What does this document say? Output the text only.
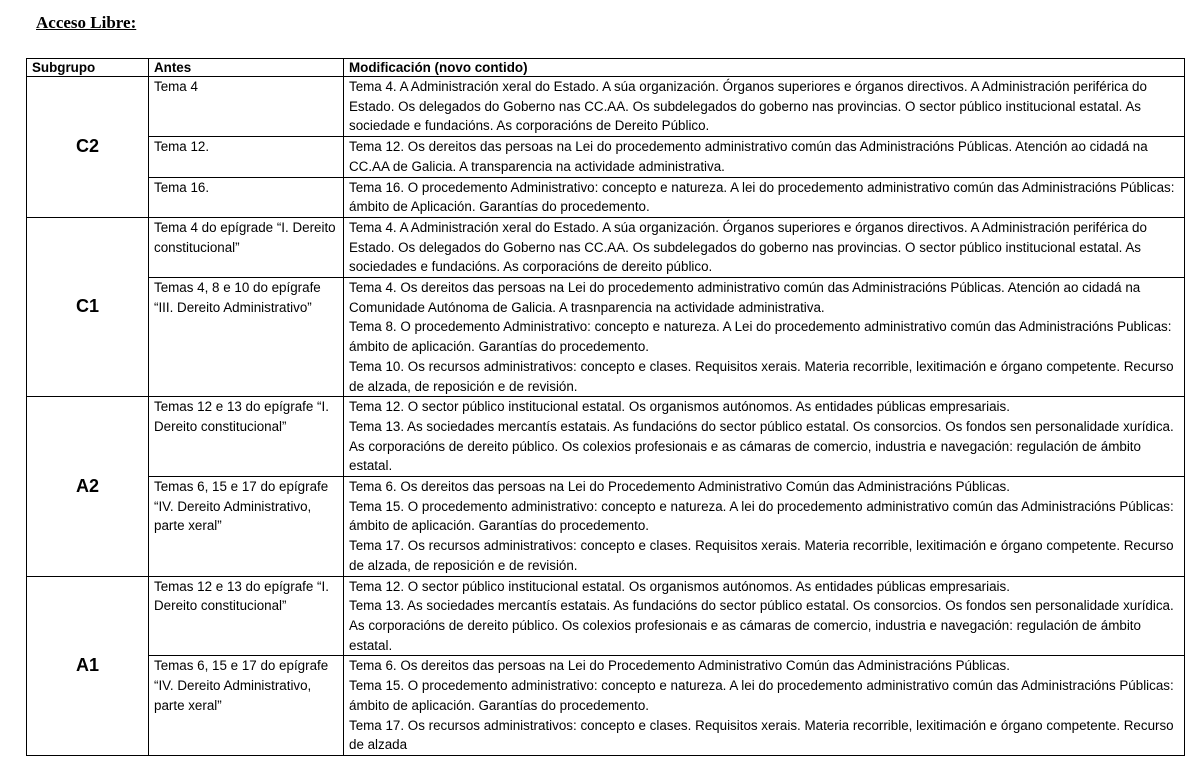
Acceso Libre:
Subgrupo	Antes	Modificación (novo contido)
C2	Tema 4	Tema 4. A Administración xeral do Estado. A súa organización. Órganos superiores e órganos directivos. A Administración periférica do Estado. Os delegados do Goberno nas CC.AA. Os subdelegados do goberno nas provincias. O sector público institucional estatal. As sociedade e fundacións. As corporacións de Dereito Público.

	Tema 12.	Tema 12. Os dereitos das persoas na Lei do procedemento administrativo común das Administracións Públicas. Atención ao cidadá na CC.AA de Galicia. A transparencia na actividade administrativa.

	Tema 16.	Tema 16. O procedemento Administrativo: concepto e natureza. A lei do procedemento administrativo común das Administracións Públicas: ámbito de Aplicación. Garantías do procedemento.

C1	Tema 4 do epígrade “I. Dereito constitucional”	Tema 4. A Administración xeral do Estado. A súa organización. Órganos superiores e órganos directivos. A Administración periférica do Estado. Os delegados do Goberno nas CC.AA. Os subdelegados do goberno nas provincias. O sector público institucional estatal. As sociedades e fundacións. As corporacións de dereito público.

	Temas 4, 8 e 10 do epígrafe “III. Dereito Administrativo”	Tema 4. Os dereitos das persoas na Lei do procedemento administrativo común das Administracións Públicas. Atención ao cidadá na Comunidade Autónoma de Galicia. A trasnparencia na actividade administrativa.
Tema 8. O procedemento Administrativo: concepto e natureza. A Lei do procedemento administrativo común das Administracións Publicas: ámbito de aplicación. Garantías do procedemento.
Tema 10. Os recursos administrativos: concepto e clases. Requisitos xerais. Materia recorrible, lexitimación e órgano competente. Recurso de alzada, de reposición e de revisión.

A2	Temas 12 e 13 do epígrafe “I. Dereito constitucional”	Tema 12. O sector público institucional estatal. Os organismos autónomos. As entidades públicas empresariais.
Tema 13. As sociedades mercantís estatais. As fundacións do sector público estatal. Os consorcios. Os fondos sen personalidade xurídica. As corporacións de dereito público. Os colexios profesionais e as cámaras de comercio, industria e navegación: regulación de ámbito estatal.

	Temas 6, 15 e 17 do epígrafe “IV. Dereito Administrativo, parte xeral”	Tema 6. Os dereitos das persoas na Lei do Procedemento Administrativo Común das Administracións Públicas.
Tema 15. O procedemento administrativo: concepto e natureza. A lei do procedemento administrativo común das Administracións Públicas: ámbito de aplicación. Garantías do procedemento.
Tema 17. Os recursos administrativos: concepto e clases. Requisitos xerais. Materia recorrible, lexitimación e órgano competente. Recurso de alzada, de reposición e de revisión.

A1	Temas 12 e 13 do epígrafe “I. Dereito constitucional”	Tema 12. O sector público institucional estatal. Os organismos autónomos. As entidades públicas empresariais.
Tema 13. As sociedades mercantís estatais. As fundacións do sector público estatal. Os consorcios. Os fondos sen personalidade xurídica. As corporacións de dereito público. Os colexios profesionais e as cámaras de comercio, industria e navegación: regulación de ámbito estatal.

	Temas 6, 15 e 17 do epígrafe “IV. Dereito Administrativo, parte xeral”	Tema 6. Os dereitos das persoas na Lei do Procedemento Administrativo Común das Administracións Públicas.
Tema 15. O procedemento administrativo: concepto e natureza. A lei do procedemento administrativo común das Administracións Públicas: ámbito de aplicación. Garantías do procedemento.
Tema 17. Os recursos administrativos: concepto e clases. Requisitos xerais. Materia recorrible, lexitimación e órgano competente. Recurso de alzada
